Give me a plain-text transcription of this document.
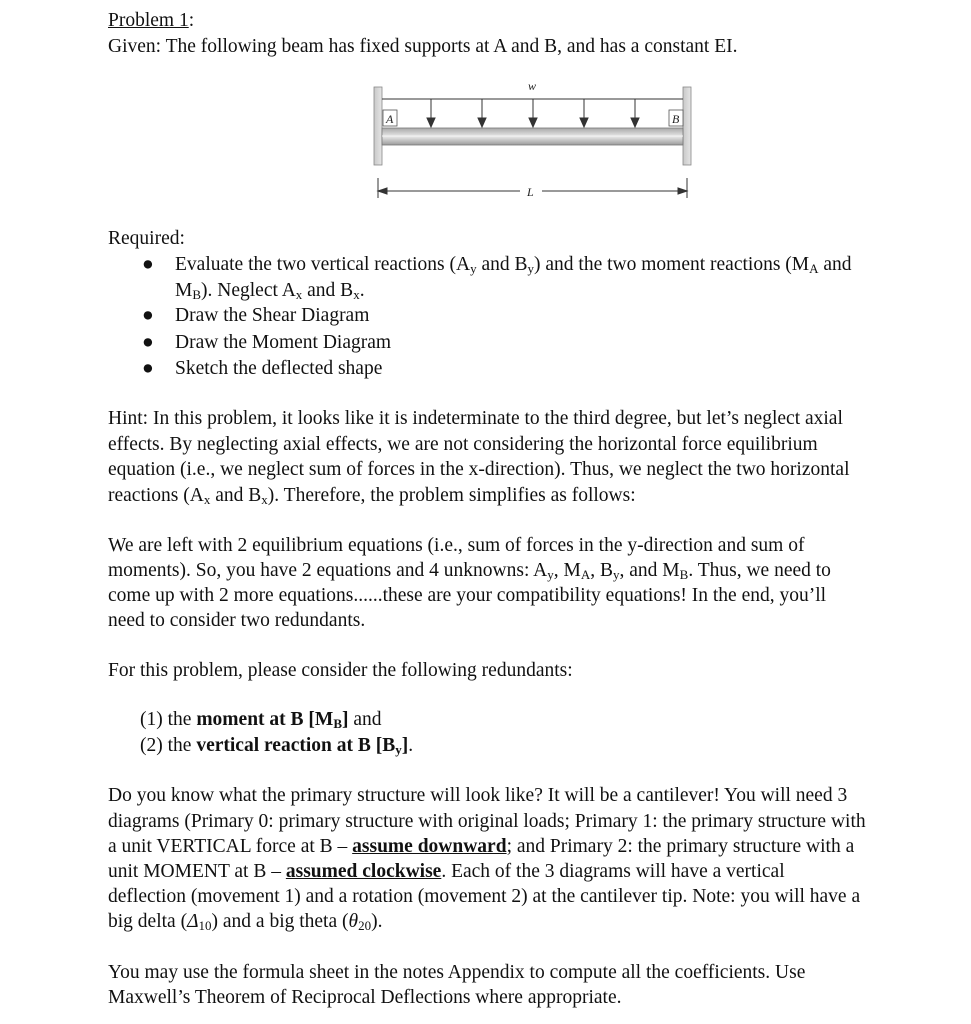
Problem 1:
Given: The following beam has fixed supports at A and B, and has a constant EI.
A	B
w
L
Required:
● Evaluate the two vertical reactions ($A_y$ and $B_y$) and the two moment reactions ($M_A$ and
$M_B$). Neglect $A_x$ and $B_x$.
● Draw the Shear Diagram
● Draw the Moment Diagram
● Sketch the deflected shape
Hint: In this problem, it looks like it is indeterminate to the third degree, but let’s neglect axial
effects. By neglecting axial effects, we are not considering the horizontal force equilibrium
equation (i.e., we neglect sum of forces in the x-direction). Thus, we neglect the two horizontal
reactions ($A_x$ and $B_x$). Therefore, the problem simplifies as follows:
We are left with 2 equilibrium equations (i.e., sum of forces in the y-direction and sum of
moments). So, you have 2 equations and 4 unknowns: $A_y$, $M_A$, $B_y$, and $M_B$. Thus, we need to
come up with 2 more equations......these are your compatibility equations! In the end, you’ll
need to consider two redundants.
For this problem, please consider the following redundants:
(1) the moment at B $[M_B]$ and
(2) the vertical reaction at B $[B_y]$.
Do you know what the primary structure will look like? It will be a cantilever! You will need 3
diagrams (Primary 0: primary structure with original loads; Primary 1: the primary structure with
a unit VERTICAL force at B – assume downward; and Primary 2: the primary structure with a
unit MOMENT at B – assumed clockwise. Each of the 3 diagrams will have a vertical
deflection (movement 1) and a rotation (movement 2) at the cantilever tip. Note: you will have a
big delta $(\Delta_{10})$ and a big theta $(\theta_{20})$.
You may use the formula sheet in the notes Appendix to compute all the coefficients. Use
Maxwell’s Theorem of Reciprocal Deflections where appropriate.
